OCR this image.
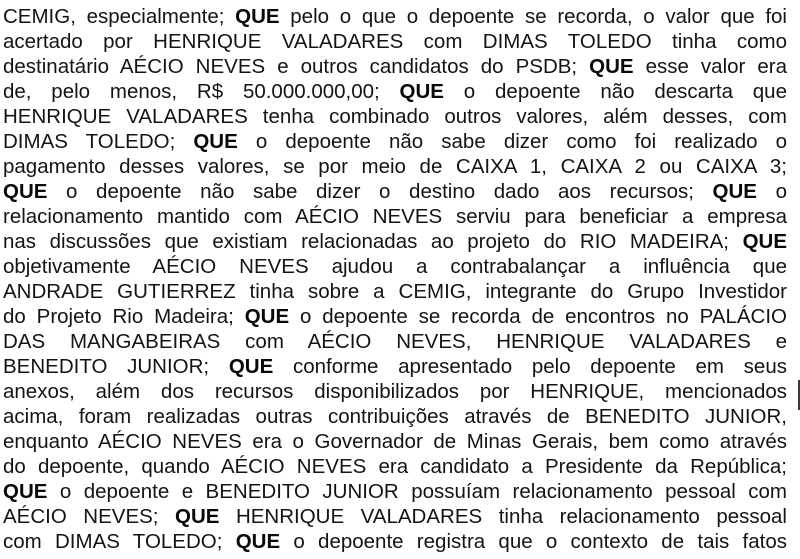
CEMIG, especialmente; QUE pelo o que o depoente se recorda, o valor que foi
acertado por HENRIQUE VALADARES com DIMAS TOLEDO tinha como
destinatário AÉCIO NEVES e outros candidatos do PSDB; QUE esse valor era
de, pelo menos, R$ 50.000.000,00; QUE o depoente não descarta que
HENRIQUE VALADARES tenha combinado outros valores, além desses, com
DIMAS TOLEDO; QUE o depoente não sabe dizer como foi realizado o
pagamento desses valores, se por meio de CAIXA 1, CAIXA 2 ou CAIXA 3;
QUE o depoente não sabe dizer o destino dado aos recursos; QUE o
relacionamento mantido com AÉCIO NEVES serviu para beneficiar a empresa
nas discussões que existiam relacionadas ao projeto do RIO MADEIRA; QUE
objetivamente AÉCIO NEVES ajudou a contrabalançar a influência que
ANDRADE GUTIERREZ tinha sobre a CEMIG, integrante do Grupo Investidor
do Projeto Rio Madeira; QUE o depoente se recorda de encontros no PALÁCIO
DAS MANGABEIRAS com AÉCIO NEVES, HENRIQUE VALADARES e
BENEDITO JUNIOR; QUE conforme apresentado pelo depoente em seus
anexos, além dos recursos disponibilizados por HENRIQUE, mencionados
acima, foram realizadas outras contribuições através de BENEDITO JUNIOR,
enquanto AÉCIO NEVES era o Governador de Minas Gerais, bem como através
do depoente, quando AÉCIO NEVES era candidato a Presidente da República;
QUE o depoente e BENEDITO JUNIOR possuíam relacionamento pessoal com
AÉCIO NEVES; QUE HENRIQUE VALADARES tinha relacionamento pessoal
com DIMAS TOLEDO; QUE o depoente registra que o contexto de tais fatos
